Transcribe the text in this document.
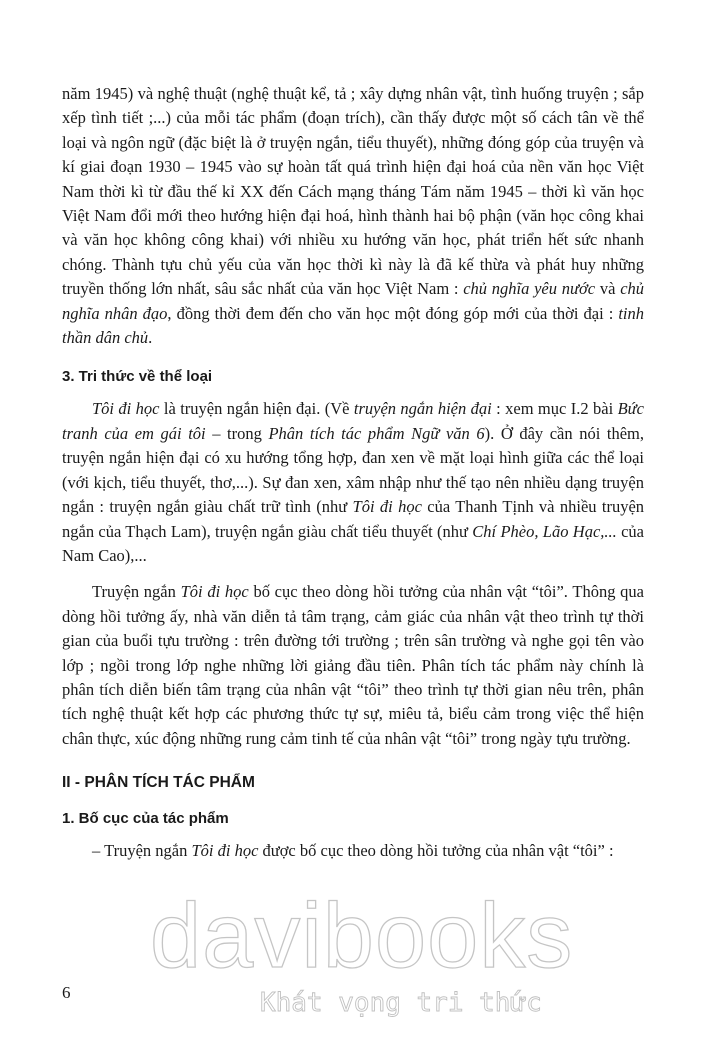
năm 1945) và nghệ thuật (nghệ thuật kể, tả ; xây dựng nhân vật, tình huống truyện ; sắp xếp tình tiết ;...) của mỗi tác phẩm (đoạn trích), cần thấy được một số cách tân về thể loại và ngôn ngữ (đặc biệt là ở truyện ngắn, tiểu thuyết), những đóng góp của truyện và kí giai đoạn 1930 – 1945 vào sự hoàn tất quá trình hiện đại hoá của nền văn học Việt Nam thời kì từ đầu thế kỉ XX đến Cách mạng tháng Tám năm 1945 – thời kì văn học Việt Nam đổi mới theo hướng hiện đại hoá, hình thành hai bộ phận (văn học công khai và văn học không công khai) với nhiều xu hướng văn học, phát triển hết sức nhanh chóng. Thành tựu chủ yếu của văn học thời kì này là đã kế thừa và phát huy những truyền thống lớn nhất, sâu sắc nhất của văn học Việt Nam : chủ nghĩa yêu nước và chủ nghĩa nhân đạo, đồng thời đem đến cho văn học một đóng góp mới của thời đại : tinh thần dân chủ.

3. Tri thức về thể loại

Tôi đi học là truyện ngắn hiện đại. (Về truyện ngắn hiện đại : xem mục I.2 bài Bức tranh của em gái tôi – trong Phân tích tác phẩm Ngữ văn 6). Ở đây cần nói thêm, truyện ngắn hiện đại có xu hướng tổng hợp, đan xen về mặt loại hình giữa các thể loại (với kịch, tiểu thuyết, thơ,...). Sự đan xen, xâm nhập như thế tạo nên nhiều dạng truyện ngắn : truyện ngắn giàu chất trữ tình (như Tôi đi học của Thanh Tịnh và nhiều truyện ngắn của Thạch Lam), truyện ngắn giàu chất tiểu thuyết (như Chí Phèo, Lão Hạc,... của Nam Cao),...

Truyện ngắn Tôi đi học bố cục theo dòng hồi tưởng của nhân vật “tôi”. Thông qua dòng hồi tưởng ấy, nhà văn diễn tả tâm trạng, cảm giác của nhân vật theo trình tự thời gian của buổi tựu trường : trên đường tới trường ; trên sân trường và nghe gọi tên vào lớp ; ngồi trong lớp nghe những lời giảng đầu tiên. Phân tích tác phẩm này chính là phân tích diễn biến tâm trạng của nhân vật “tôi” theo trình tự thời gian nêu trên, phân tích nghệ thuật kết hợp các phương thức tự sự, miêu tả, biểu cảm trong việc thể hiện chân thực, xúc động những rung cảm tinh tế của nhân vật “tôi” trong ngày tựu trường.

II - PHÂN TÍCH TÁC PHẨM
1. Bố cục của tác phẩm

– Truyện ngắn Tôi đi học được bố cục theo dòng hồi tưởng của nhân vật “tôi” :

davibooks
Khát vọng tri thức
6
